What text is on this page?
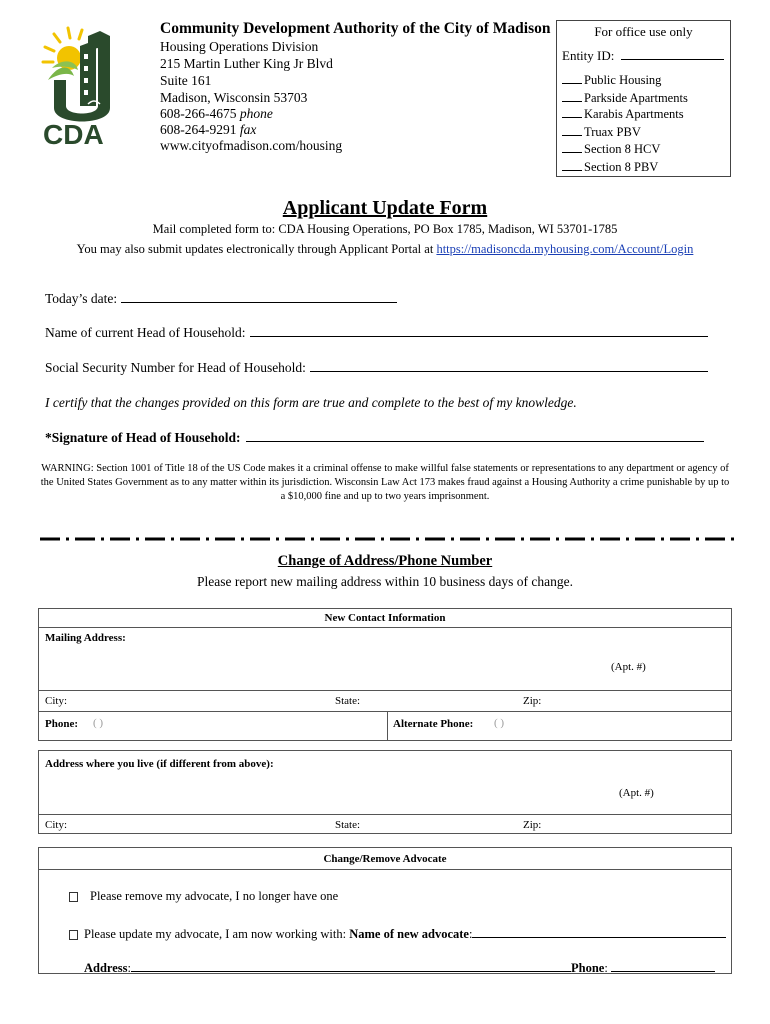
CDA
Community Development Authority of the City of Madison
Housing Operations Division
215 Martin Luther King Jr Blvd
Suite 161
Madison, Wisconsin 53703
608-266-4675 phone
608-264-9291 fax
www.cityofmadison.com/housing
For office use only
Entity ID:
Public Housing
Parkside Apartments
Karabis Apartments
Truax PBV
Section 8 HCV
Section 8 PBV
Applicant Update Form
Mail completed form to: CDA Housing Operations, PO Box 1785, Madison, WI 53701-1785
You may also submit updates electronically through Applicant Portal at https://madisoncda.myhousing.com/Account/Login
Today’s date:
Name of current Head of Household:
Social Security Number for Head of Household:
I certify that the changes provided on this form are true and complete to the best of my knowledge.
*Signature of Head of Household:
WARNING: Section 1001 of Title 18 of the US Code makes it a criminal offense to make willful false statements or representations to any department or agency of the United States Government as to any matter within its jurisdiction. Wisconsin Law Act 173 makes fraud against a Housing Authority a crime punishable by up to a $10,000 fine and up to two years imprisonment.
Change of Address/Phone Number
Please report new mailing address within 10 business days of change.
New Contact Information
Mailing Address:
(Apt. #)
City:	State:	Zip:
Phone: ( )	Alternate Phone: ( )
Address where you live (if different from above):
(Apt. #)
City:	State:	Zip:
Change/Remove Advocate
Please remove my advocate, I no longer have one
Please update my advocate, I am now working with: Name of new advocate:
Address:	Phone:
